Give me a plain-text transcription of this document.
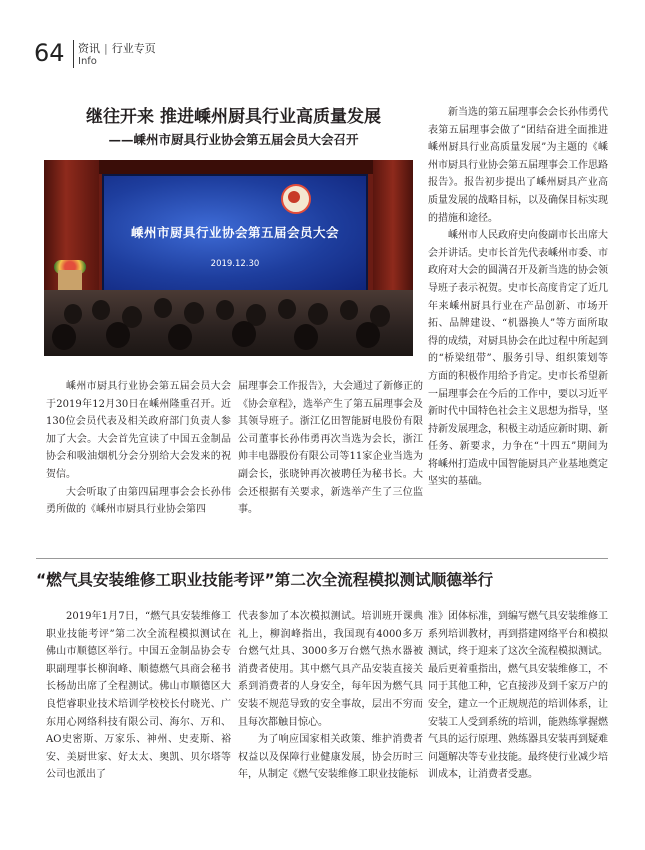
64 资讯 | 行业专页
Info
继往开来 推进嵊州厨具行业高质量发展
——嵊州市厨具行业协会第五届会员大会召开
嵊州市厨具行业协会第五届会员大会
2019.12.30

嵊州市厨具行业协会第五届会员大会于2019年12月30日在嵊州隆重召开。近130位会员代表及相关政府部门负责人参加了大会。大会首先宣读了中国五金制品协会和吸油烟机分会分别给大会发来的祝贺信。

大会听取了由第四届理事会会长孙伟勇所做的《嵊州市厨具行业协会第四

届理事会工作报告》，大会通过了新修正的《协会章程》，选举产生了第五届理事会及其领导班子。浙江亿田智能厨电股份有限公司董事长孙伟勇再次当选为会长，浙江帅丰电器股份有限公司等11家企业当选为副会长，张晓钟再次被聘任为秘书长。大会还根据有关要求，新选举产生了三位监事。

新当选的第五届理事会会长孙伟勇代表第五届理事会做了“团结奋进全面推进嵊州厨具行业高质量发展”为主题的《嵊州市厨具行业协会第五届理事会工作思路报告》。报告初步提出了嵊州厨具产业高质量发展的战略目标，以及确保目标实现的措施和途径。

嵊州市人民政府史向俊副市长出席大会并讲话。史市长首先代表嵊州市委、市政府对大会的圆满召开及新当选的协会领导班子表示祝贺。史市长高度肯定了近几年来嵊州厨具行业在产品创新、市场开拓、品牌建设、“机器换人”等方面所取得的成绩，对厨具协会在此过程中所起到的“桥梁纽带”、服务引导、组织策划等方面的积极作用给予肯定。史市长希望新一届理事会在今后的工作中，要以习近平新时代中国特色社会主义思想为指导，坚持新发展理念，积极主动适应新时期、新任务、新要求，力争在“十四五”期间为将嵊州打造成中国智能厨具产业基地奠定坚实的基础。

“燃气具安装维修工职业技能考评”第二次全流程模拟测试顺德举行

2019年1月7日，“燃气具安装维修工职业技能考评”第二次全流程模拟测试在佛山市顺德区举行。中国五金制品协会专职副理事长柳润峰、顺德燃气具商会秘书长杨劼出席了全程测试。佛山市顺德区大良恺睿职业技术培训学校校长付晓光、广东用心网络科技有限公司、海尔、万和、AO史密斯、万家乐、神州、史麦斯、裕安、美厨世家、好太太、奥凯、贝尔塔等公司也派出了

代表参加了本次模拟测试。培训班开课典礼上，柳润峰指出，我国现有4000多万台燃气灶具、3000多万台燃气热水器被消费者使用。其中燃气具产品安装直接关系到消费者的人身安全，每年因为燃气具安装不规范导致的安全事故，层出不穷而且每次都触目惊心。

为了响应国家相关政策、维护消费者权益以及保障行业健康发展，协会历时三年，从制定《燃气安装维修工职业技能标

准》团体标准，到编写燃气具安装维修工系列培训教材，再到搭建网络平台和模拟测试，终于迎来了这次全流程模拟测试。最后更着重指出，燃气具安装维修工，不同于其他工种，它直接涉及到千家万户的安全，建立一个正规规范的培训体系，让安装工人受到系统的培训，能熟练掌握燃气具的运行原理、熟练器具安装再到疑难问题解决等专业技能。最终使行业减少培训成本，让消费者受惠。
